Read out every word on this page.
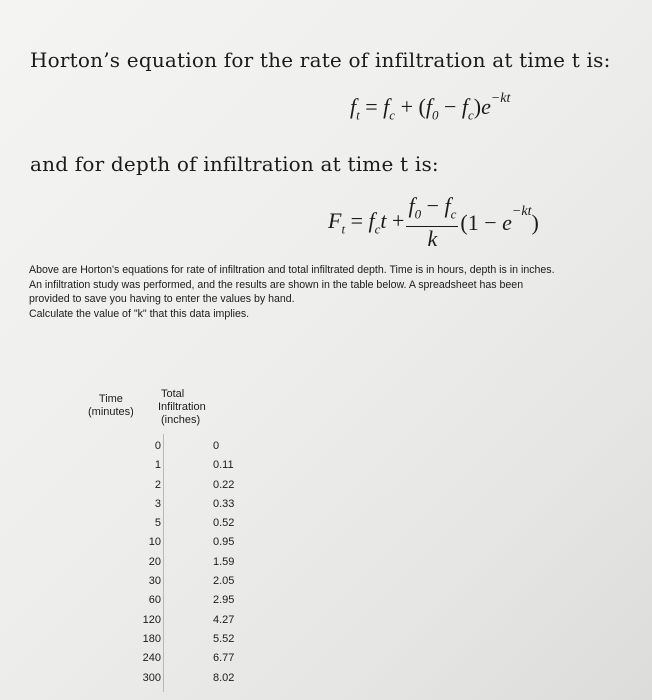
Horton’s equation for the rate of infiltration at time t is:
$f_t = f_c + (f_0 - f_c)e^{-kt}$
and for depth of infiltration at time t is:
$F_t = f_ct + \frac{f_0 - f_c}{k} (1 - e^{-kt})$

Above are Horton's equations for rate of infiltration and total infiltrated depth. Time is in hours, depth is in inches.

An infiltration study was performed, and the results are shown in the table below. A spreadsheet has been

provided to save you having to enter the values by hand.

Calculate the value of "k" that this data implies.

Time
(minutes)
Total
Infiltration
(inches)
0	0
1	0.11
2	0.22
3	0.33
5	0.52
10	0.95
20	1.59
30	2.05
60	2.95
120	4.27
180	5.52
240	6.77
300	8.02
